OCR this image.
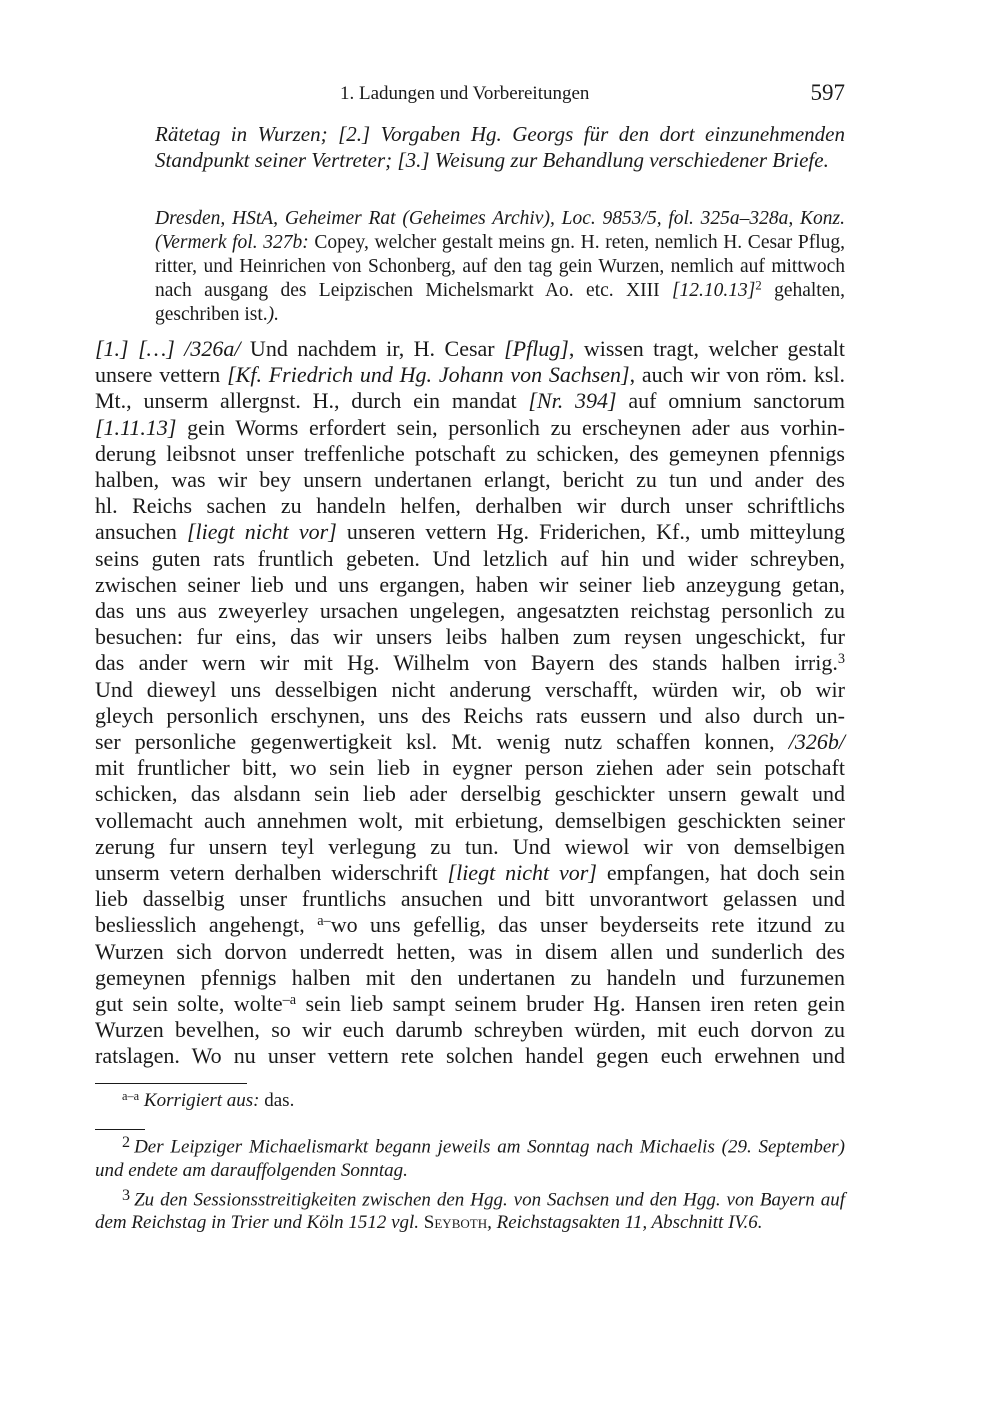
1. Ladungen und Vorbereitungen	597
Rätetag in Wurzen; [2.] Vorgaben Hg. Georgs für den dort einzunehmenden Standpunkt seiner Vertreter; [3.] Weisung zur Behandlung verschiedener Briefe.
Dresden, HStA, Geheimer Rat (Geheimes Archiv), Loc. 9853/5, fol. 325a–328a, Konz. (Vermerk fol. 327b: Copey, welcher gestalt meins gn. H. reten, nemlich H. Cesar Pflug, ritter, und Heinrichen von Schonberg, auf den tag gein Wurzen, nemlich auf mittwoch nach ausgang des Leipzischen Michelsmarkt Ao. etc. XIII $[12.10.13]^2$ gehalten, geschriben ist.).
[1.] […] /326a/ Und nachdem ir, H. Cesar [Pflug], wissen tragt, welcher gestalt
unsere vettern [Kf. Friedrich und Hg. Johann von Sachsen], auch wir von röm. ksl.
Mt., unserm allergnst. H., durch ein mandat [Nr. 394] auf omnium sanctorum
[1.11.13] gein Worms erfordert sein, personlich zu erscheynen ader aus vorhin-
derung leibsnot unser treffenliche potschaft zu schicken, des gemeynen pfennigs
halben, was wir bey unsern undertanen erlangt, bericht zu tun und ander des
hl. Reichs sachen zu handeln helfen, derhalben wir durch unser schriftlichs
ansuchen [liegt nicht vor] unseren vettern Hg. Friderichen, Kf., umb mitteylung
seins guten rats fruntlich gebeten. Und letzlich auf hin und wider schreyben,
zwischen seiner lieb und uns ergangen, haben wir seiner lieb anzeygung getan,
das uns aus zweyerley ursachen ungelegen, angesatzten reichstag personlich zu
besuchen: fur eins, das wir unsers leibs halben zum reysen ungeschickt, fur
das ander wern wir mit Hg. Wilhelm von Bayern des stands halben irrig.$^3$
Und dieweyl uns desselbigen nicht anderung verschafft, würden wir, ob wir
gleych personlich erschynen, uns des Reichs rats eussern und also durch un-
ser personliche gegenwertigkeit ksl. Mt. wenig nutz schaffen konnen, /326b/
mit fruntlicher bitt, wo sein lieb in eygner person ziehen ader sein potschaft
schicken, das alsdann sein lieb ader derselbig geschickter unsern gewalt und
vollemacht auch annehmen wolt, mit erbietung, demselbigen geschickten seiner
zerung fur unsern teyl verlegung zu tun. Und wiewol wir von demselbigen
unserm vetern derhalben widerschrift [liegt nicht vor] empfangen, hat doch sein
lieb dasselbig unser fruntlichs ansuchen und bitt unvorantwort gelassen und
besliesslich angehengt, $^{a-}$wo uns gefellig, das unser beyderseits rete itzund zu
Wurzen sich dorvon underredt hetten, was in disem allen und sunderlich des
gemeynen pfennigs halben mit den undertanen zu handeln und furzunemen
gut sein solte, wolte$^{-a}$ sein lieb sampt seinem bruder Hg. Hansen iren reten gein
Wurzen bevelhen, so wir euch darumb schreyben würden, mit euch dorvon zu
ratslagen. Wo nu unser vettern rete solchen handel gegen euch erwehnen und
$^{a-a}$ Korrigiert aus: das.

$^2$ Der Leipziger Michaelismarkt begann jeweils am Sonntag nach Michaelis (29. September) und endete am darauffolgenden Sonntag.

$^3$ Zu den Sessionsstreitigkeiten zwischen den Hgg. von Sachsen und den Hgg. von Bayern auf dem Reichstag in Trier und Köln 1512 vgl. Seyboth, Reichstagsakten 11, Abschnitt IV.6.
